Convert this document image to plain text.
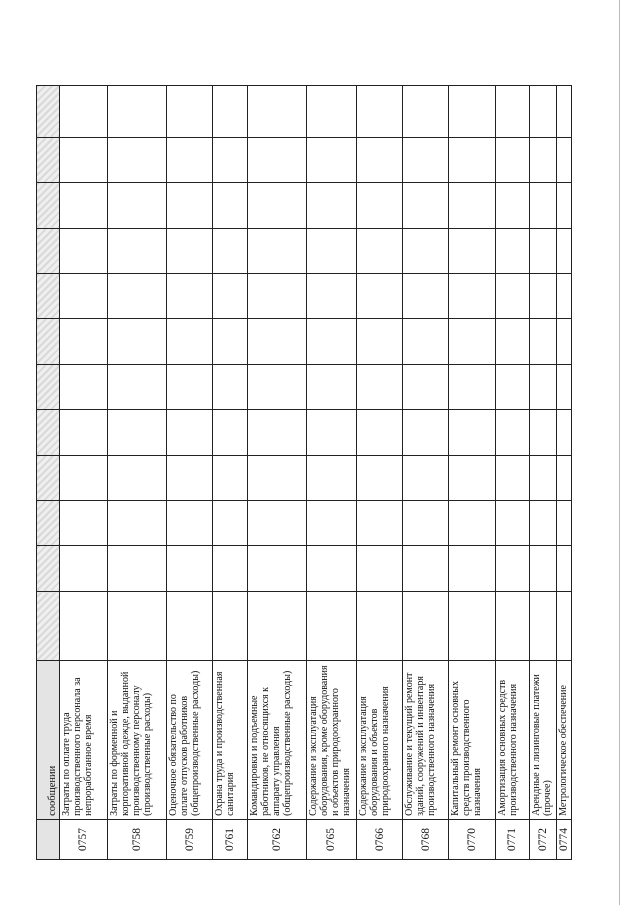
	сообщении												
0757	Затраты по оплате труда производственного персонала за непроработанное время												
0758	Затраты по форменной и корпоративной одежде, выданной производственному персоналу (производственные расходы)												
0759	Оценочное обязательство по оплате отпусков работников (общепроизводственные расходы)												
0761	Охрана труда и производственная санитария												
0762	Командировки и подъемные работников, не относящихся к аппарату управления (общепроизводственные расходы)												
0765	Содержание и эксплуатация оборудования, кроме оборудования и объектов природоохранного назначения												
0766	Содержание и эксплуатация оборудования и объектов природоохранного назначения												
0768	Обслуживание и текущий ремонт зданий, сооружений и инвентаря производственного назначения												
0770	Капитальный ремонт основных средств производственного назначения												
0771	Амортизация основных средств производственного назначения												
0772	Арендные и лизинговые платежи (прочее)												
0774	Метрологическое обеспечение												
